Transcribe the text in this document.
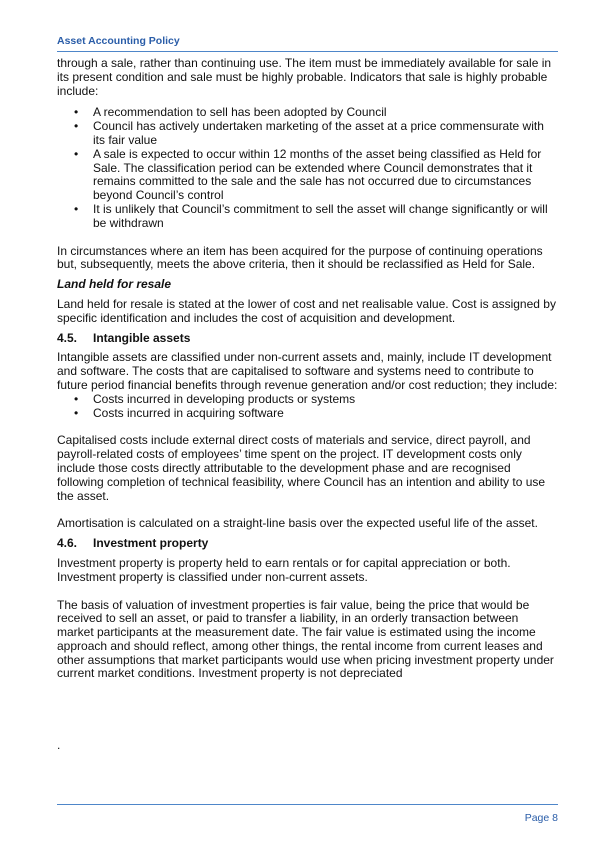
Asset Accounting Policy

through a sale, rather than continuing use. The item must be immediately available for sale in its present condition and sale must be highly probable. Indicators that sale is highly probable include:

• A recommendation to sell has been adopted by Council
• Council has actively undertaken marketing of the asset at a price commensurate with its fair value
• A sale is expected to occur within 12 months of the asset being classified as Held for Sale. The classification period can be extended where Council demonstrates that it remains committed to the sale and the sale has not occurred due to circumstances beyond Council’s control
• It is unlikely that Council’s commitment to sell the asset will change significantly or will be withdrawn

In circumstances where an item has been acquired for the purpose of continuing operations but, subsequently, meets the above criteria, then it should be reclassified as Held for Sale.

Land held for resale

Land held for resale is stated at the lower of cost and net realisable value. Cost is assigned by specific identification and includes the cost of acquisition and development.

4.5. Intangible assets

Intangible assets are classified under non-current assets and, mainly, include IT development and software. The costs that are capitalised to software and systems need to contribute to future period financial benefits through revenue generation and/or cost reduction; they include:

• Costs incurred in developing products or systems
• Costs incurred in acquiring software

Capitalised costs include external direct costs of materials and service, direct payroll, and payroll-related costs of employees’ time spent on the project. IT development costs only include those costs directly attributable to the development phase and are recognised following completion of technical feasibility, where Council has an intention and ability to use the asset.

Amortisation is calculated on a straight-line basis over the expected useful life of the asset.

4.6. Investment property

Investment property is property held to earn rentals or for capital appreciation or both. Investment property is classified under non-current assets.

The basis of valuation of investment properties is fair value, being the price that would be received to sell an asset, or paid to transfer a liability, in an orderly transaction between market participants at the measurement date. The fair value is estimated using the income approach and should reflect, among other things, the rental income from current leases and other assumptions that market participants would use when pricing investment property under current market conditions. Investment property is not depreciated

.
Page 8
